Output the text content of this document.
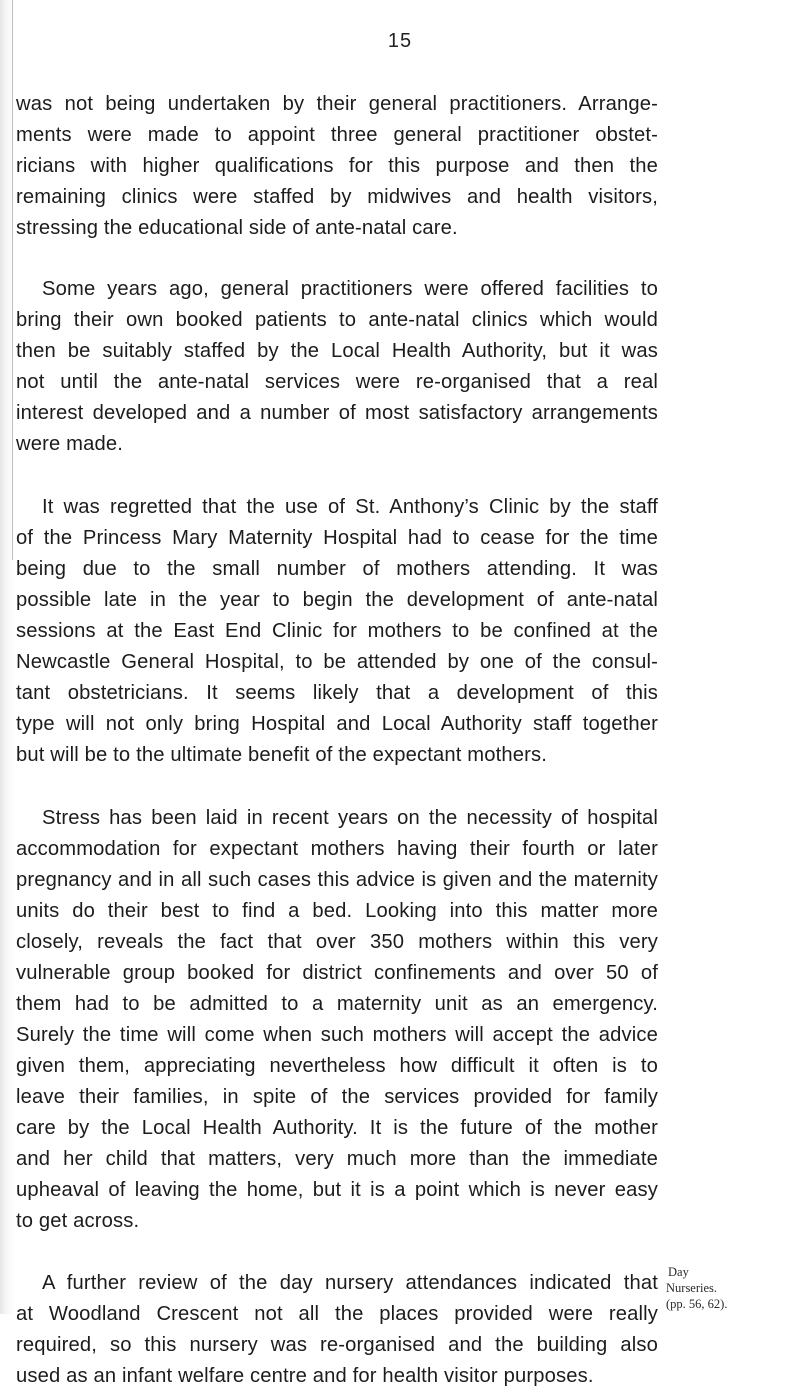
15

was not being undertaken by their general practitioners. Arrange-
ments were made to appoint three general practitioner obstet-
ricians with higher qualifications for this purpose and then the
remaining clinics were staffed by midwives and health visitors,
stressing the educational side of ante-natal care.

Some years ago, general practitioners were offered facilities to
bring their own booked patients to ante-natal clinics which would
then be suitably staffed by the Local Health Authority, but it was
not until the ante-natal services were re-organised that a real
interest developed and a number of most satisfactory arrangements
were made.

It was regretted that the use of St. Anthony’s Clinic by the staff
of the Princess Mary Maternity Hospital had to cease for the time
being due to the small number of mothers attending. It was
possible late in the year to begin the development of ante-natal
sessions at the East End Clinic for mothers to be confined at the
Newcastle General Hospital, to be attended by one of the consul-
tant obstetricians. It seems likely that a development of this
type will not only bring Hospital and Local Authority staff together
but will be to the ultimate benefit of the expectant mothers.

Stress has been laid in recent years on the necessity of hospital
accommodation for expectant mothers having their fourth or later
pregnancy and in all such cases this advice is given and the maternity
units do their best to find a bed. Looking into this matter more
closely, reveals the fact that over 350 mothers within this very
vulnerable group booked for district confinements and over 50 of
them had to be admitted to a maternity unit as an emergency.
Surely the time will come when such mothers will accept the advice
given them, appreciating nevertheless how difficult it often is to
leave their families, in spite of the services provided for family
care by the Local Health Authority. It is the future of the mother
and her child that matters, very much more than the immediate
upheaval of leaving the home, but it is a point which is never easy
to get across.

A further review of the day nursery attendances indicated that
at Woodland Crescent not all the places provided were really
required, so this nursery was re-organised and the building also
used as an infant welfare centre and for health visitor purposes.

Day
Nurseries.
(pp. 56, 62).
